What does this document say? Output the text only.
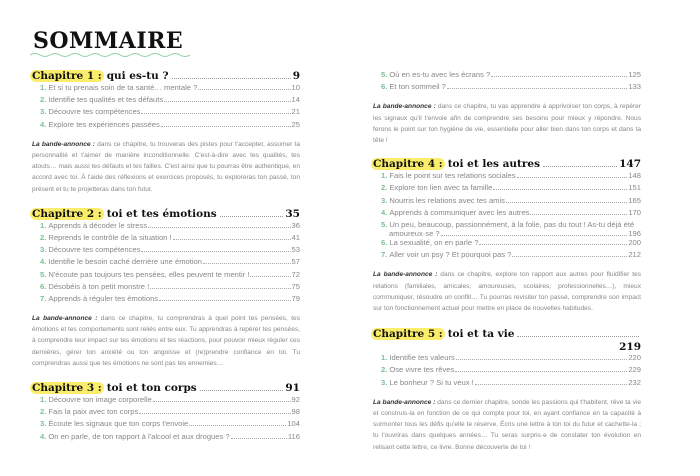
SOMMAIRE
Chapitre 1 : qui es-tu ?	9
1. Et si tu prenais soin de ta santé… mentale ?	10
2. Identifie tes qualités et tes défauts	14
3. Découvre tes compétences	21
4. Explore tes expériences passées	25
La bande-annonce : dans ce chapitre, tu trouveras des pistes pour t'accepter, assumer ta personnalité et t'aimer de manière inconditionnelle. C'est-à-dire avec tes qualités, tes atouts… mais aussi tes défauts et tes failles. C'est ainsi que tu pourras être authentique, en accord avec toi. À l'aide des réflexions et exercices proposés, tu exploreras ton passé, ton présent et tu te projetteras dans ton futur.
Chapitre 2 : toi et tes émotions	35
1. Apprends à décoder le stress	36
2. Reprends le contrôle de la situation !	41
3. Découvre tes compétences	53
4. Identifie le besoin caché derrière une émotion	57
5. N'écoute pas toujours tes pensées, elles peuvent te mentir !	72
6. Désobéis à ton petit monstre !	75
7. Apprends à réguler tes émotions	79
La bande-annonce : dans ce chapitre, tu comprendras à quel point tes pensées, tes émotions et tes comportements sont reliés entre eux. Tu apprendras à repérer tes pensées, à comprendre leur impact sur tes émotions et tes réactions, pour pouvoir mieux réguler ces dernières, gérer ton anxiété ou ton angoisse et (re)prendre confiance en toi. Tu comprendras aussi que tes émotions ne sont pas tes ennemies…
Chapitre 3 : toi et ton corps	91
1. Découvre ton image corporelle	92
2. Fais la paix avec ton corps	98
3. Écoute les signaux que ton corps t'envoie	104
4. On en parle, de ton rapport à l'alcool et aux drogues ?	116
5. Où en es-tu avec les écrans ?	125
6. Et ton sommeil ?	133
La bande-annonce : dans ce chapitre, tu vas apprendre à apprivoiser ton corps, à repérer les signaux qu'il t'envoie afin de comprendre ses besoins pour mieux y répondre. Nous ferons le point sur ton hygiène de vie, essentielle pour aller bien dans ton corps et dans ta tête !
Chapitre 4 : toi et les autres	147
1. Fais le point sur tes relations sociales	148
2. Explore ton lien avec ta famille	151
3. Nourris les relations avec tes amis	165
4. Apprends à communiquer avec les autres	170
5. Un peu, beaucoup, passionnément, à la folie, pas du tout ! As-tu déjà été
amoureux·se ?	196
6. La sexualité, on en parle ?	200
7. Aller voir un psy ? Et pourquoi pas ?	212
La bande-annonce : dans ce chapitre, explore ton rapport aux autres pour fluidifier tes relations (familiales, amicales, amoureuses, scolaires, professionnelles…), mieux communiquer, résoudre un conflit… Tu pourras revisiter ton passé, comprendre son impact sur ton fonctionnement actuel pour mettre en place de nouvelles habitudes.
Chapitre 5 : toi et ta vie
219
1. Identifie tes valeurs	220
2. Ose vivre tes rêves	229
3. Le bonheur ? Si tu veux !	232
La bande-annonce : dans ce dernier chapitre, sonde les passions qui t'habitent, rêve ta vie et construis-la en fonction de ce qui compte pour toi, en ayant confiance en ta capacité à surmonter tous les défis qu'elle te réserve. Écris une lettre à ton toi du futur et cachette-la ; tu l'ouvriras dans quelques années… Tu seras surpris·e de constater ton évolution en relisant cette lettre, ce livre. Bonne découverte de toi !
